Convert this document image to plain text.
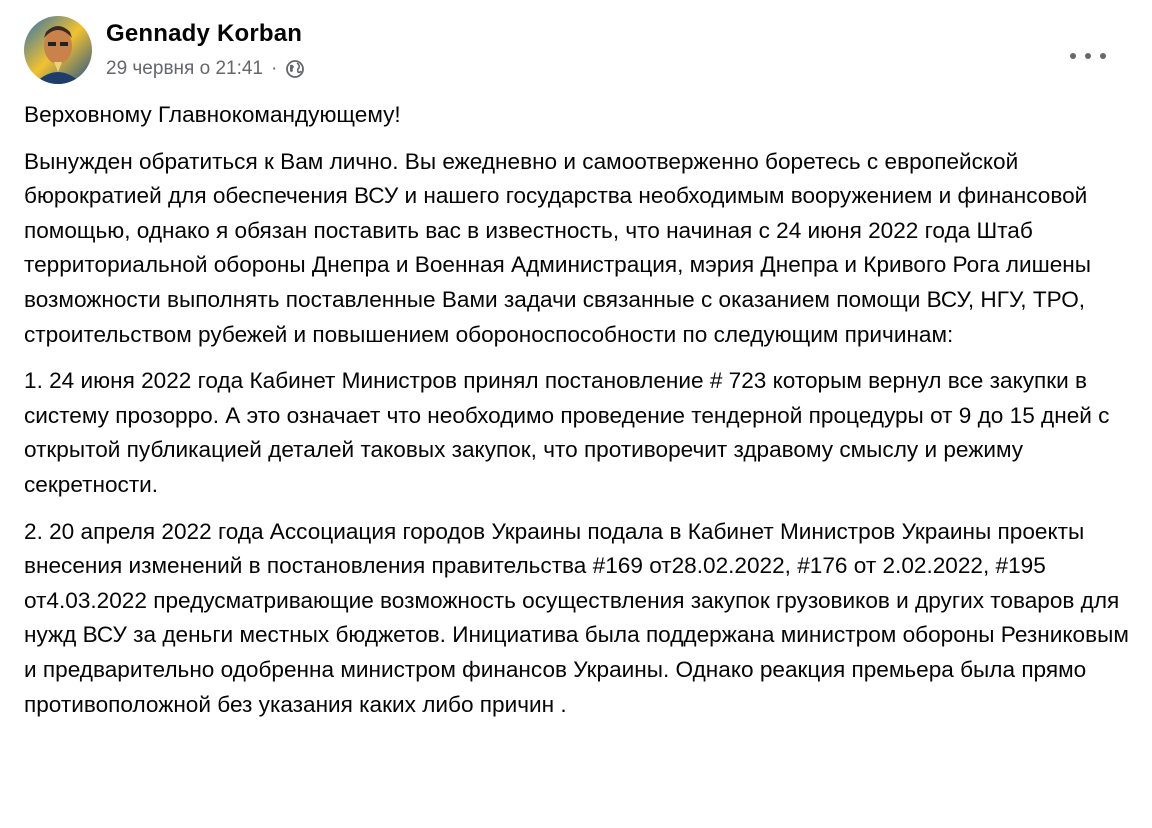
Gennady Korban
29 червня о 21:41 ·

Верховному Главнокомандующему!

Вынужден обратиться к Вам лично. Вы ежедневно и самоотверженно боретесь с европейской бюрократией для обеспечения ВСУ и нашего государства необходимым вооружением и финансовой помощью, однако я обязан поставить вас в известность, что начиная с 24 июня 2022 года Штаб территориальной обороны Днепра и Военная Администрация, мэрия Днепра и Кривого Рога лишены возможности выполнять поставленные Вами задачи связанные с оказанием помощи ВСУ, НГУ, ТРО, строительством рубежей и повышением обороноспособности по следующим причинам:

1. 24 июня 2022 года Кабинет Министров принял постановление # 723 которым вернул все закупки в систему прозорро. А это означает что необходимо проведение тендерной процедуры от 9 до 15 дней с открытой публикацией деталей таковых закупок, что противоречит здравому смыслу и режиму секретности.

2. 20 апреля 2022 года Ассоциация городов Украины подала в Кабинет Министров Украины проекты внесения изменений в постановления правительства #169 от28.02.2022, #176 от 2.02.2022, #195 от4.03.2022 предусматривающие возможность осуществления закупок грузовиков и других товаров для нужд ВСУ за деньги местных бюджетов. Инициатива была поддержана министром обороны Резниковым и предварительно одобренна министром финансов Украины. Однако реакция премьера была прямо противоположной без указания каких либо причин .
